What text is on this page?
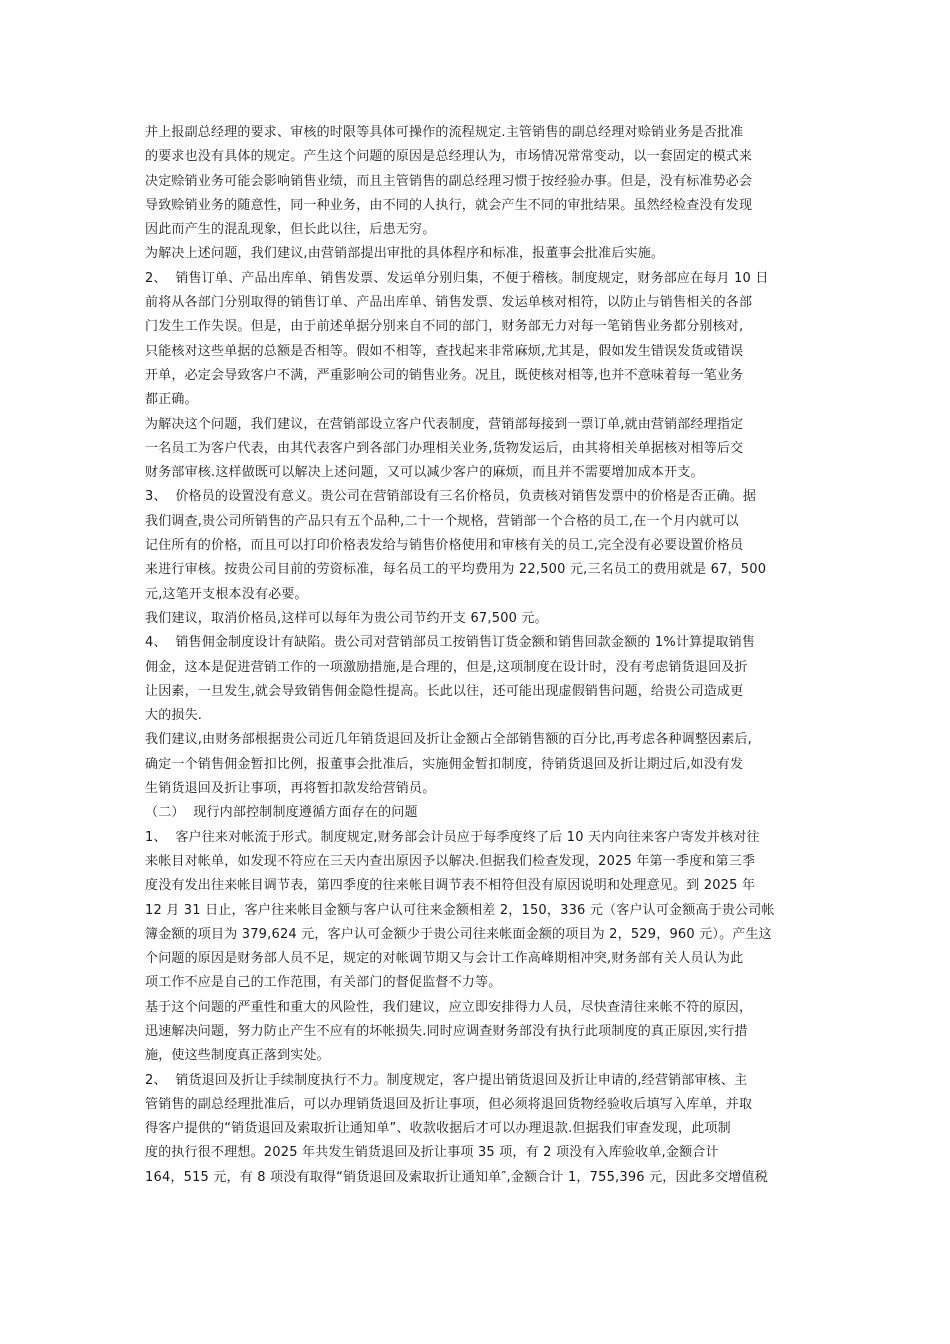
并上报副总经理的要求、审核的时限等具体可操作的流程规定.主管销售的副总经理对赊销业务是否批准
的要求也没有具体的规定。产生这个问题的原因是总经理认为，市场情况常常变动，以一套固定的模式来
决定赊销业务可能会影响销售业绩，而且主管销售的副总经理习惯于按经验办事。但是，没有标准势必会
导致赊销业务的随意性，同一种业务，由不同的人执行，就会产生不同的审批结果。虽然经检查没有发现
因此而产生的混乱现象，但长此以往，后患无穷。
为解决上述问题，我们建议,由营销部提出审批的具体程序和标准，报董事会批准后实施。
2、  销售订单、产品出库单、销售发票、发运单分别归集，不便于稽核。制度规定，财务部应在每月 10 日
前将从各部门分别取得的销售订单、产品出库单、销售发票、发运单核对相符，以防止与销售相关的各部
门发生工作失误。但是，由于前述单据分别来自不同的部门，财务部无力对每一笔销售业务都分别核对,
只能核对这些单据的总额是否相等。假如不相等，查找起来非常麻烦,尤其是，假如发生错误发货或错误
开单，必定会导致客户不满，严重影响公司的销售业务。况且，既使核对相等,也并不意味着每一笔业务
都正确。
为解决这个问题，我们建议，在营销部设立客户代表制度，营销部每接到一票订单,就由营销部经理指定
一名员工为客户代表，由其代表客户到各部门办理相关业务,货物发运后，由其将相关单据核对相等后交
财务部审核.这样做既可以解决上述问题，又可以减少客户的麻烦，而且并不需要增加成本开支。
3、  价格员的设置没有意义。贵公司在营销部设有三名价格员，负责核对销售发票中的价格是否正确。据
我们调查,贵公司所销售的产品只有五个品种,二十一个规格，营销部一个合格的员工,在一个月内就可以
记住所有的价格，而且可以打印价格表发给与销售价格使用和审核有关的员工,完全没有必要设置价格员
来进行审核。按贵公司目前的劳资标准，每名员工的平均费用为 22,500 元,三名员工的费用就是 67，500
元,这笔开支根本没有必要。
我们建议，取消价格员,这样可以每年为贵公司节约开支 67,500 元。
4、  销售佣金制度设计有缺陷。贵公司对营销部员工按销售订货金额和销售回款金额的 1%计算提取销售
佣金，这本是促进营销工作的一项激励措施,是合理的，但是,这项制度在设计时，没有考虑销货退回及折
让因素，一旦发生,就会导致销售佣金隐性提高。长此以往，还可能出现虚假销售问题，给贵公司造成更
大的损失.
我们建议,由财务部根据贵公司近几年销货退回及折让金额占全部销售额的百分比,再考虑各种调整因素后,
确定一个销售佣金暂扣比例，报董事会批准后，实施佣金暂扣制度，待销货退回及折让期过后,如没有发
生销货退回及折让事项，再将暂扣款发给营销员。
（二）  现行内部控制制度遵循方面存在的问题
1、  客户往来对帐流于形式。制度规定,财务部会计员应于每季度终了后 10 天内向往来客户寄发并核对往
来帐目对帐单，如发现不符应在三天内查出原因予以解决.但据我们检查发现，2025 年第一季度和第三季
度没有发出往来帐目调节表，第四季度的往来帐目调节表不相符但没有原因说明和处理意见。到 2025 年
12 月 31 日止，客户往来帐目金额与客户认可往来金额相差 2，150，336 元（客户认可金额高于贵公司帐
簿金额的项目为 379,624 元，客户认可金额少于贵公司往来帐面金额的项目为 2，529，960 元）。产生这
个问题的原因是财务部人员不足，规定的对帐调节期又与会计工作高峰期相冲突,财务部有关人员认为此
项工作不应是自己的工作范围，有关部门的督促监督不力等。
基于这个问题的严重性和重大的风险性，我们建议，应立即安排得力人员，尽快查清往来帐不符的原因，
迅速解决问题，努力防止产生不应有的坏帐损失.同时应调查财务部没有执行此项制度的真正原因,实行措
施，使这些制度真正落到实处。
2、  销货退回及折让手续制度执行不力。制度规定，客户提出销货退回及折让申请的,经营销部审核、主
管销售的副总经理批准后，可以办理销货退回及折让事项，但必须将退回货物经验收后填写入库单，并取
得客户提供的“销货退回及索取折让通知单”、收款收据后才可以办理退款.但据我们审查发现，此项制
度的执行很不理想。2025 年共发生销货退回及折让事项 35 项，有 2 项没有入库验收单,金额合计
164，515 元，有 8 项没有取得“销货退回及索取折让通知单″,金额合计 1，755,396 元，因此多交增值税
